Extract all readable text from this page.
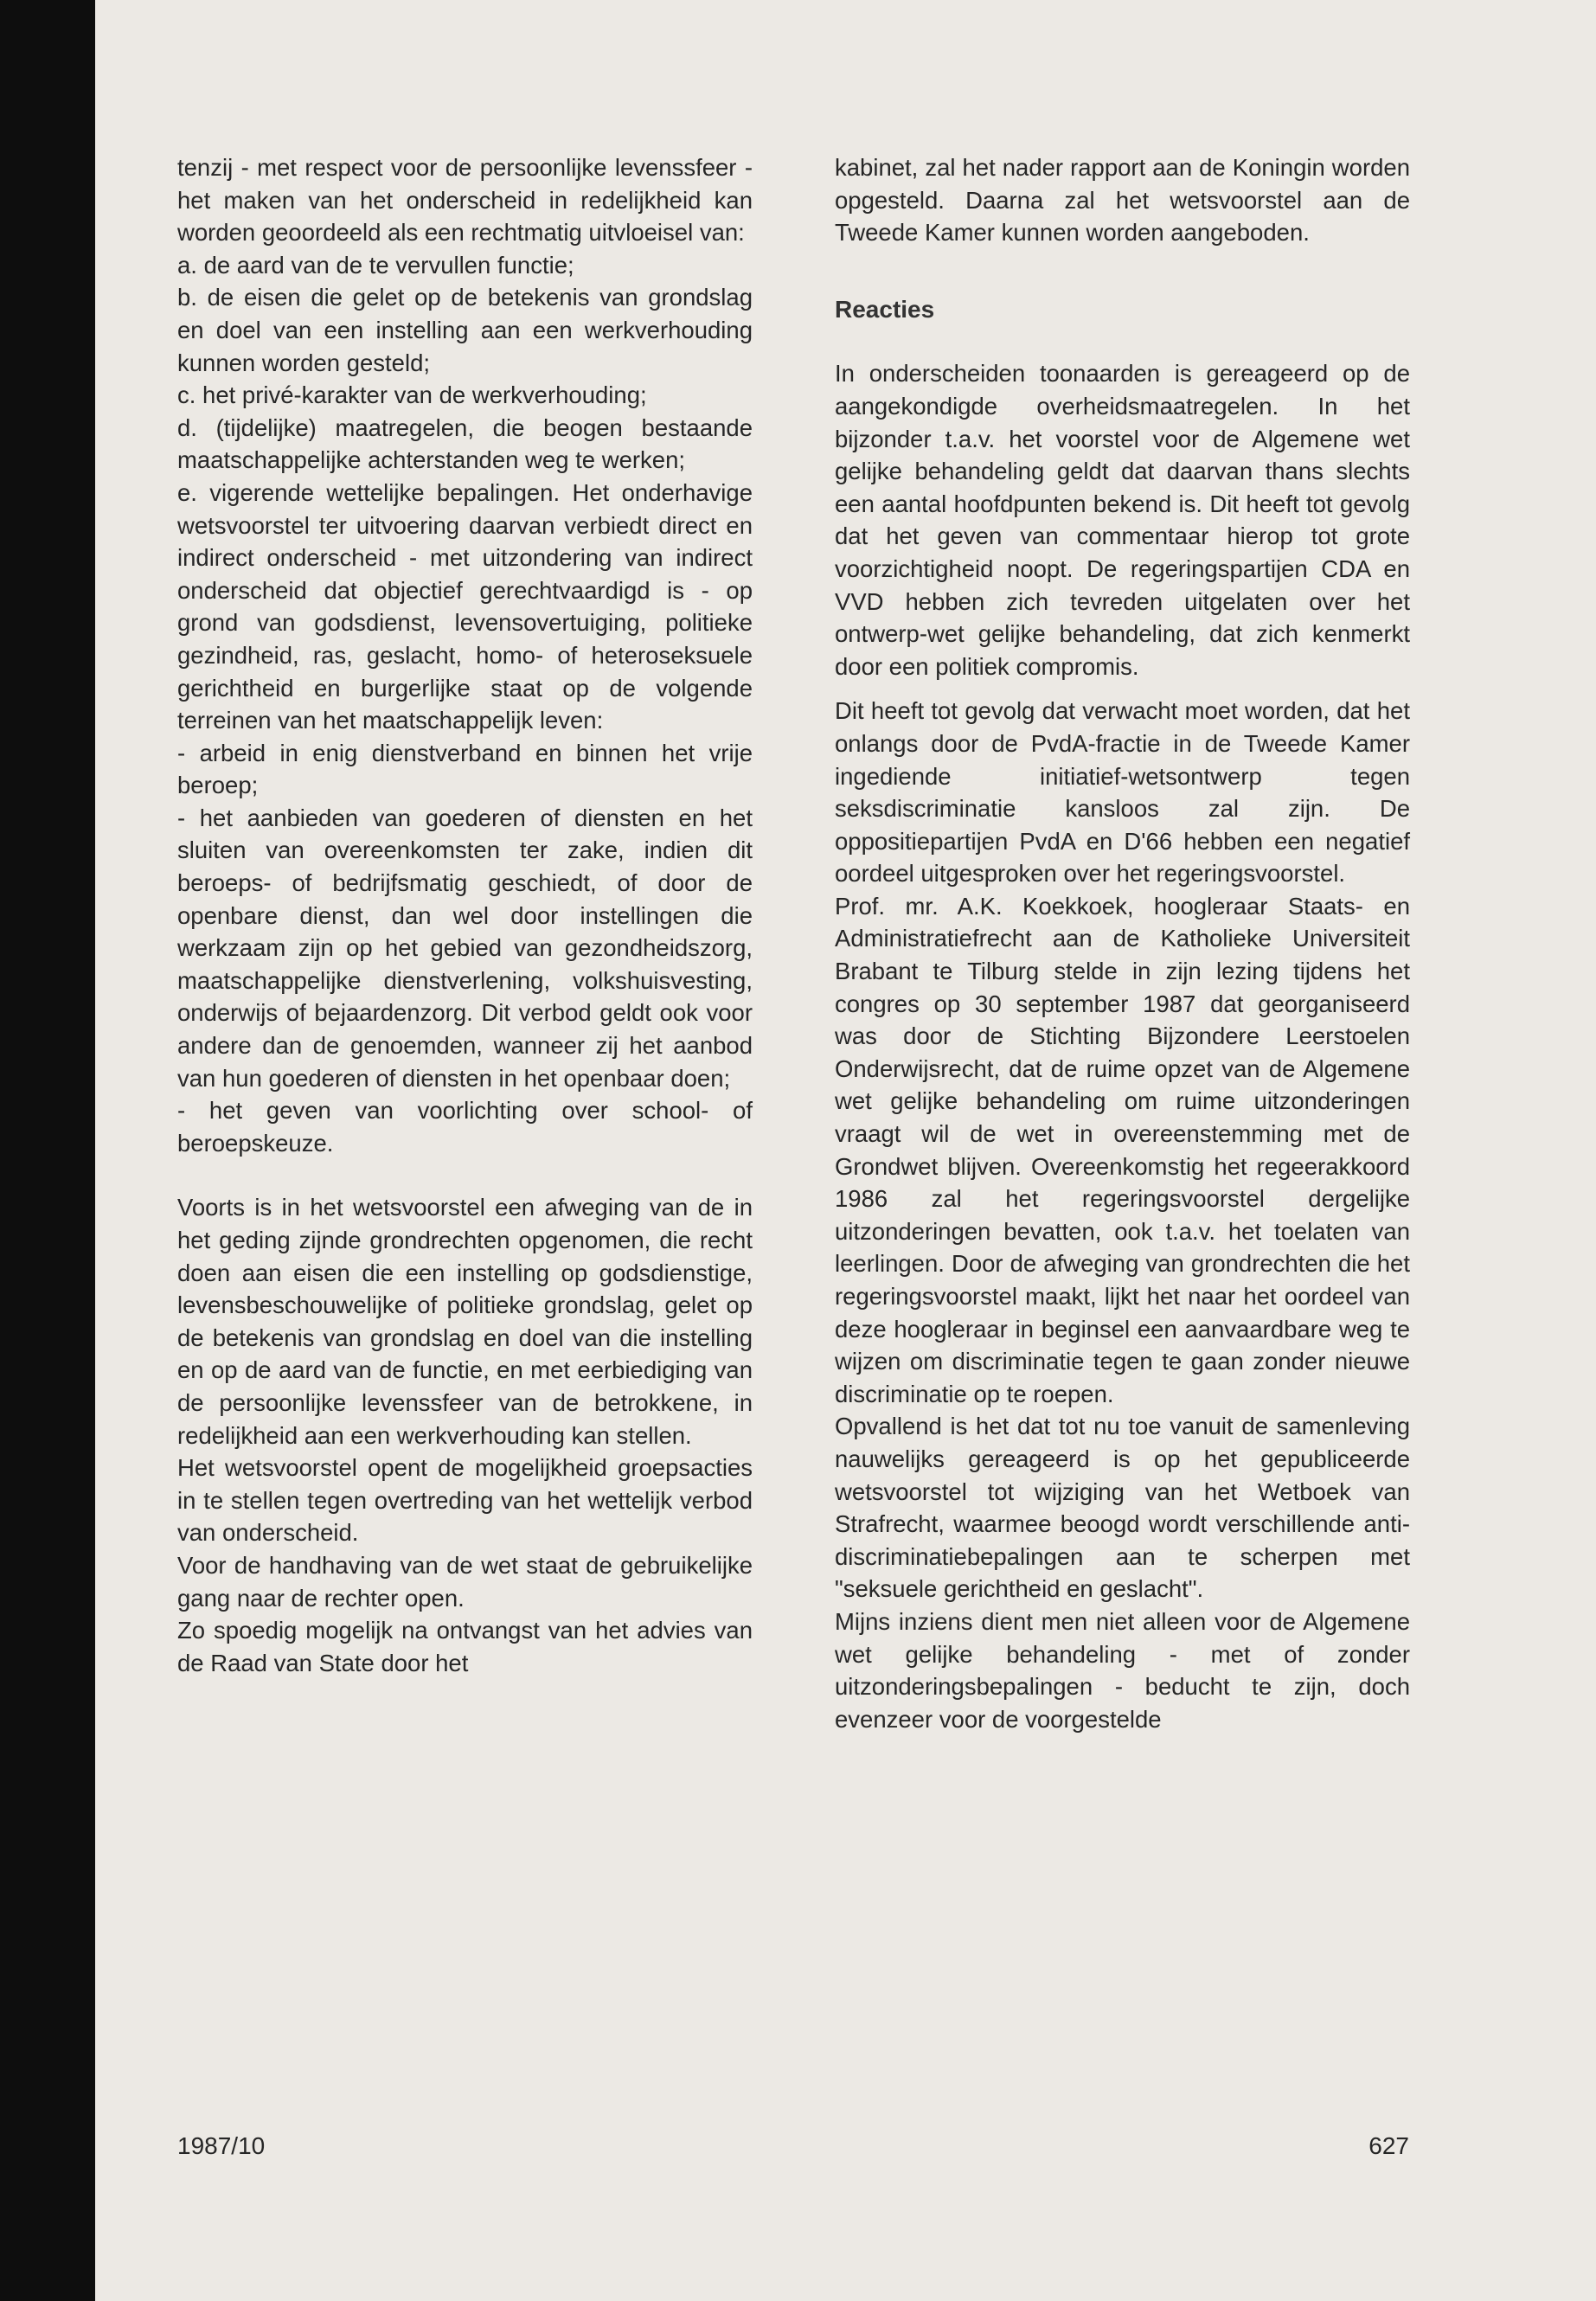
tenzij - met respect voor de persoonlijke levenssfeer - het maken van het onderscheid in redelijkheid kan worden geoordeeld als een rechtmatig uitvloeisel van:

a. de aard van de te vervullen functie;

b. de eisen die gelet op de betekenis van grondslag en doel van een instelling aan een werkverhouding kunnen worden gesteld;

c. het privé-karakter van de werkverhouding;

d. (tijdelijke) maatregelen, die beogen bestaande maatschappelijke achterstanden weg te werken;

e. vigerende wettelijke bepalingen. Het onderhavige wetsvoorstel ter uitvoering daarvan verbiedt direct en indirect onderscheid - met uitzondering van indirect onderscheid dat objectief gerechtvaardigd is - op grond van godsdienst, levensovertuiging, politieke gezindheid, ras, geslacht, homo- of heteroseksuele gerichtheid en burgerlijke staat op de volgende terreinen van het maatschappelijk leven:

- arbeid in enig dienstverband en binnen het vrije beroep;

- het aanbieden van goederen of diensten en het sluiten van overeenkomsten ter zake, indien dit beroeps- of bedrijfsmatig geschiedt, of door de openbare dienst, dan wel door instellingen die werkzaam zijn op het gebied van gezondheidszorg, maatschappelijke dienstverlening, volkshuisvesting, onderwijs of bejaardenzorg. Dit verbod geldt ook voor andere dan de genoemden, wanneer zij het aanbod van hun goederen of diensten in het openbaar doen;

- het geven van voorlichting over school- of beroepskeuze.

Voorts is in het wetsvoorstel een afweging van de in het geding zijnde grondrechten opgenomen, die recht doen aan eisen die een instelling op godsdienstige, levensbeschouwelijke of politieke grondslag, gelet op de betekenis van grondslag en doel van die instelling en op de aard van de functie, en met eerbiediging van de persoonlijke levenssfeer van de betrokkene, in redelijkheid aan een werkverhouding kan stellen.

Het wetsvoorstel opent de mogelijkheid groepsacties in te stellen tegen overtreding van het wettelijk verbod van onderscheid.

Voor de handhaving van de wet staat de gebruikelijke gang naar de rechter open.

Zo spoedig mogelijk na ontvangst van het advies van de Raad van State door het

kabinet, zal het nader rapport aan de Koningin worden opgesteld. Daarna zal het wetsvoorstel aan de Tweede Kamer kunnen worden aangeboden.

Reacties

In onderscheiden toonaarden is gereageerd op de aangekondigde overheidsmaatregelen. In het bijzonder t.a.v. het voorstel voor de Algemene wet gelijke behandeling geldt dat daarvan thans slechts een aantal hoofdpunten bekend is. Dit heeft tot gevolg dat het geven van commentaar hierop tot grote voorzichtigheid noopt. De regeringspartijen CDA en VVD hebben zich tevreden uitgelaten over het ontwerp-wet gelijke behandeling, dat zich kenmerkt door een politiek compromis.

Dit heeft tot gevolg dat verwacht moet worden, dat het onlangs door de PvdA-fractie in de Tweede Kamer ingediende initiatief-wetsontwerp tegen seksdiscriminatie kansloos zal zijn. De oppositiepartijen PvdA en D'66 hebben een negatief oordeel uitgesproken over het regeringsvoorstel.

Prof. mr. A.K. Koekkoek, hoogleraar Staats- en Administratiefrecht aan de Katholieke Universiteit Brabant te Tilburg stelde in zijn lezing tijdens het congres op 30 september 1987 dat georganiseerd was door de Stichting Bijzondere Leerstoelen Onderwijsrecht, dat de ruime opzet van de Algemene wet gelijke behandeling om ruime uitzonderingen vraagt wil de wet in overeenstemming met de Grondwet blijven. Overeenkomstig het regeerakkoord 1986 zal het regeringsvoorstel dergelijke uitzonderingen bevatten, ook t.a.v. het toelaten van leerlingen. Door de afweging van grondrechten die het regeringsvoorstel maakt, lijkt het naar het oordeel van deze hoogleraar in beginsel een aanvaardbare weg te wijzen om discriminatie tegen te gaan zonder nieuwe discriminatie op te roepen.

Opvallend is het dat tot nu toe vanuit de samenleving nauwelijks gereageerd is op het gepubliceerde wetsvoorstel tot wijziging van het Wetboek van Strafrecht, waarmee beoogd wordt verschillende anti-discriminatiebepalingen aan te scherpen met "seksuele gerichtheid en geslacht".

Mijns inziens dient men niet alleen voor de Algemene wet gelijke behandeling - met of zonder uitzonderingsbepalingen - beducht te zijn, doch evenzeer voor de voorgestelde

1987/10	627
